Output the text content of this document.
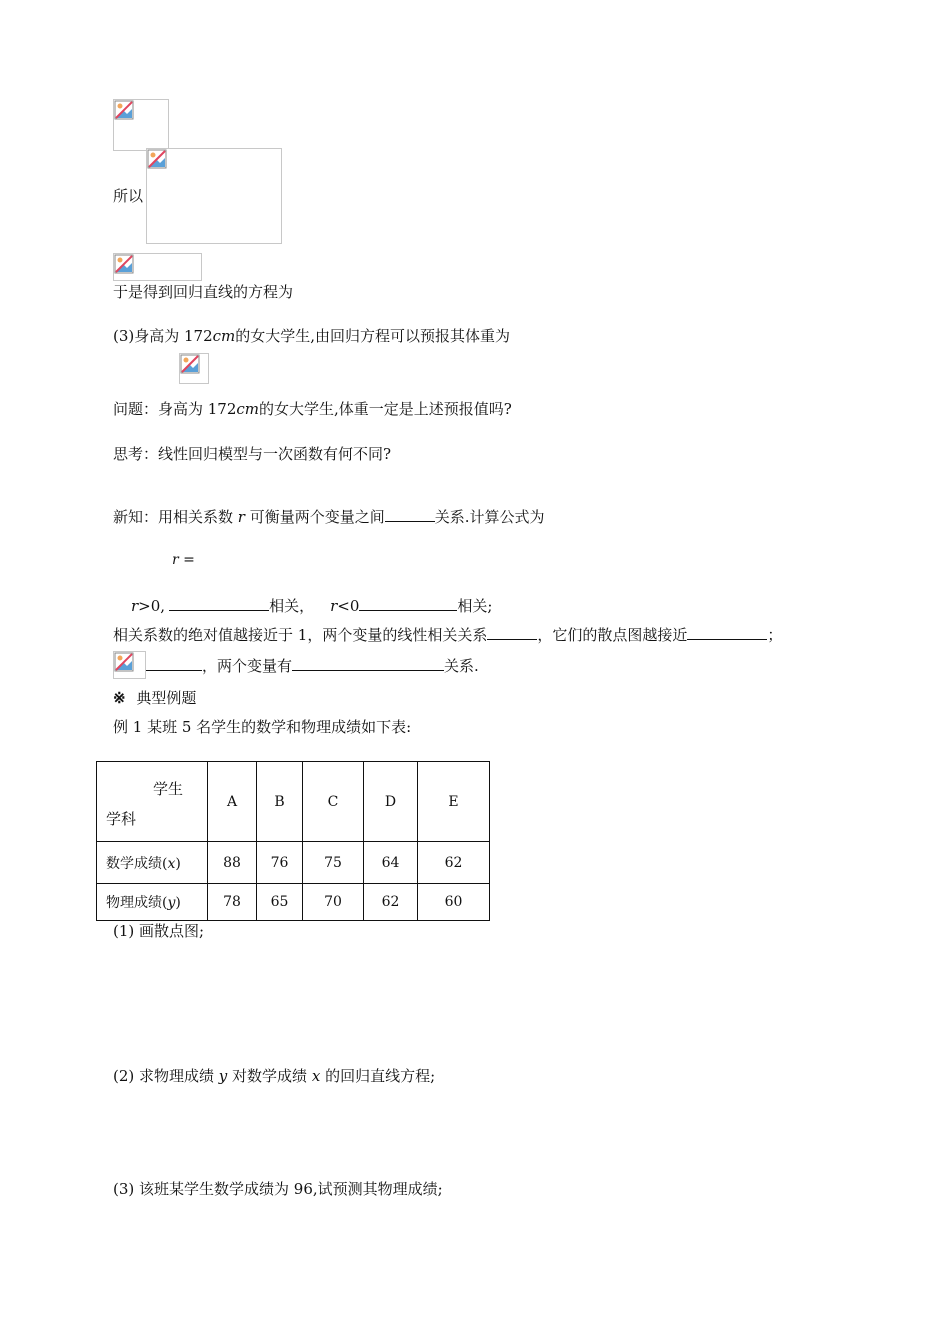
所以
于是得到回归直线的方程为
(3)身高为 172cm的女大学生,由回归方程可以预报其体重为
问题：身高为 172cm的女大学生,体重一定是上述预报值吗?
思考：线性回归模型与一次函数有何不同?
新知：用相关系数 r 可衡量两个变量之间	关系.计算公式为
r =
r>0,	相关， r<0	相关;
相关系数的绝对值越接近于 1，两个变量的线性相关关系	，它们的散点图越接近	；
，两个变量有	关系.
※ 典型例题
例 1 某班 5 名学生的数学和物理成绩如下表:
学生
学科	A	B	C	D	E
数学成绩(x)	88	76	75	64	62
物理成绩(y)	78	65	70	62	60
(1) 画散点图;
(2) 求物理成绩 y 对数学成绩 x 的回归直线方程;
(3) 该班某学生数学成绩为 96,试预测其物理成绩;
